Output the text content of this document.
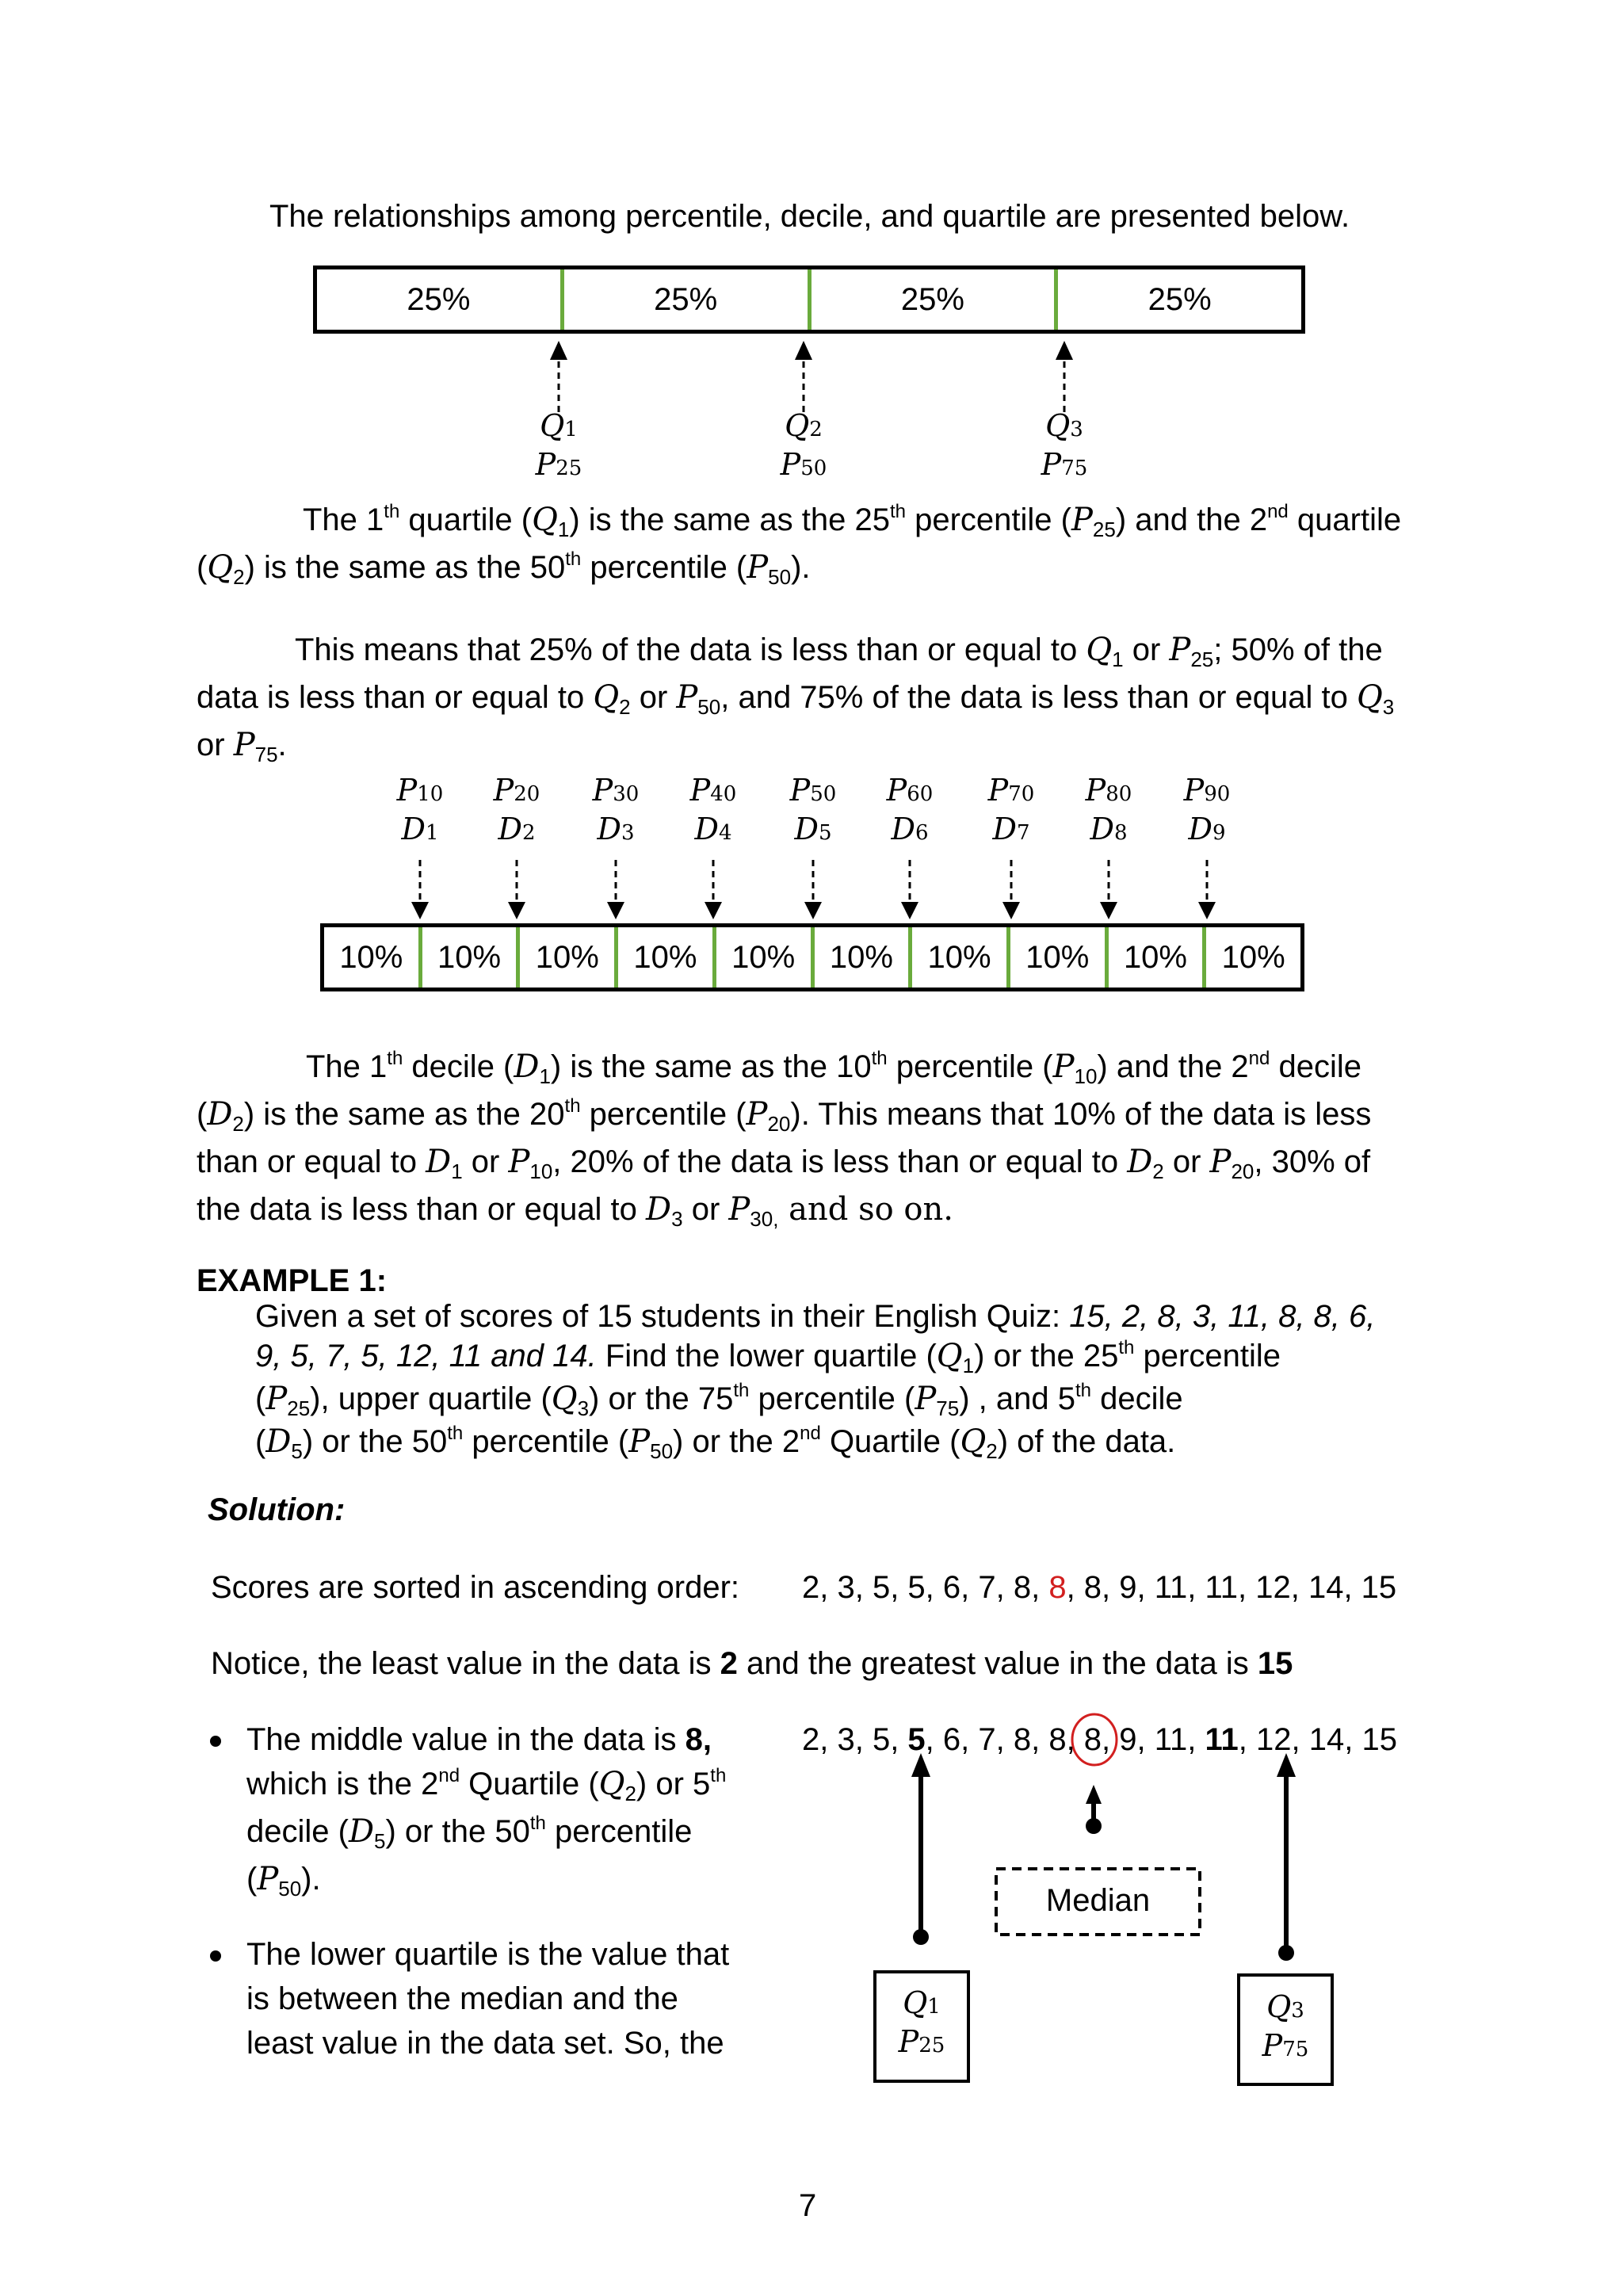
The relationships among percentile, decile, and quartile are presented below.
25%	25%	25%	25%
Q1
P25
Q2
P50
Q3
P75
The 1th quartile $(Q_1)$ is the same as the 25th percentile $(P_{25})$ and the 2nd quartile
$(Q_2)$ is the same as the 50th percentile $(P_{50})$.
This means that 25% of the data is less than or equal to $Q_1$ or $P_{25}$; 50% of the
data is less than or equal to $Q_2$ or $P_{50}$, and 75% of the data is less than or equal to $Q_3$
or $P_{75}$.
P10
D1
P20
D2
P30
D3
P40
D4
P50
D5
P60
D6
P70
D7
P80
D8
P90
D9
10%	10%	10%	10%	10%	10%	10%	10%	10%	10%
The 1th decile $(D_1)$ is the same as the 10th percentile $(P_{10})$ and the 2nd decile
$(D_2)$ is the same as the 20th percentile $(P_{20})$. This means that 10% of the data is less
than or equal to $D_1$ or $P_{10}$, 20% of the data is less than or equal to $D_2$ or $P_{20}$, 30% of
the data is less than or equal to $D_3$ or $P_{30,}$ and so on.
EXAMPLE 1:
Given a set of scores of 15 students in their English Quiz: 15, 2, 8, 3, 11, 8, 8, 6,
9, 5, 7, 5, 12, 11 and 14. Find the lower quartile $(Q_1)$ or the 25th percentile
$(P_{25})$, upper quartile $(Q_3)$ or the 75th percentile $(P_{75})$ , and 5th decile
$(D_5)$ or the 50th percentile $(P_{50})$ or the 2nd Quartile $(Q_2)$ of the data.
Solution:
Scores are sorted in ascending order: 2, 3, 5, 5, 6, 7, 8, 8, 8, 9, 11, 11, 12, 14, 15
Notice, the least value in the data is 2 and the greatest value in the data is 15
The middle value in the data is 8,
which is the 2nd Quartile $(Q_2)$ or 5th
decile $(D_5)$ or the 50th percentile
$(P_{50})$.
The lower quartile is the value that
is between the median and the
least value in the data set. So, the
2, 3, 5, 5, 6, 7, 8, 8, 8, 9, 11, 11, 12, 14, 15
Median
Q1
P25
Q3
P75
7
